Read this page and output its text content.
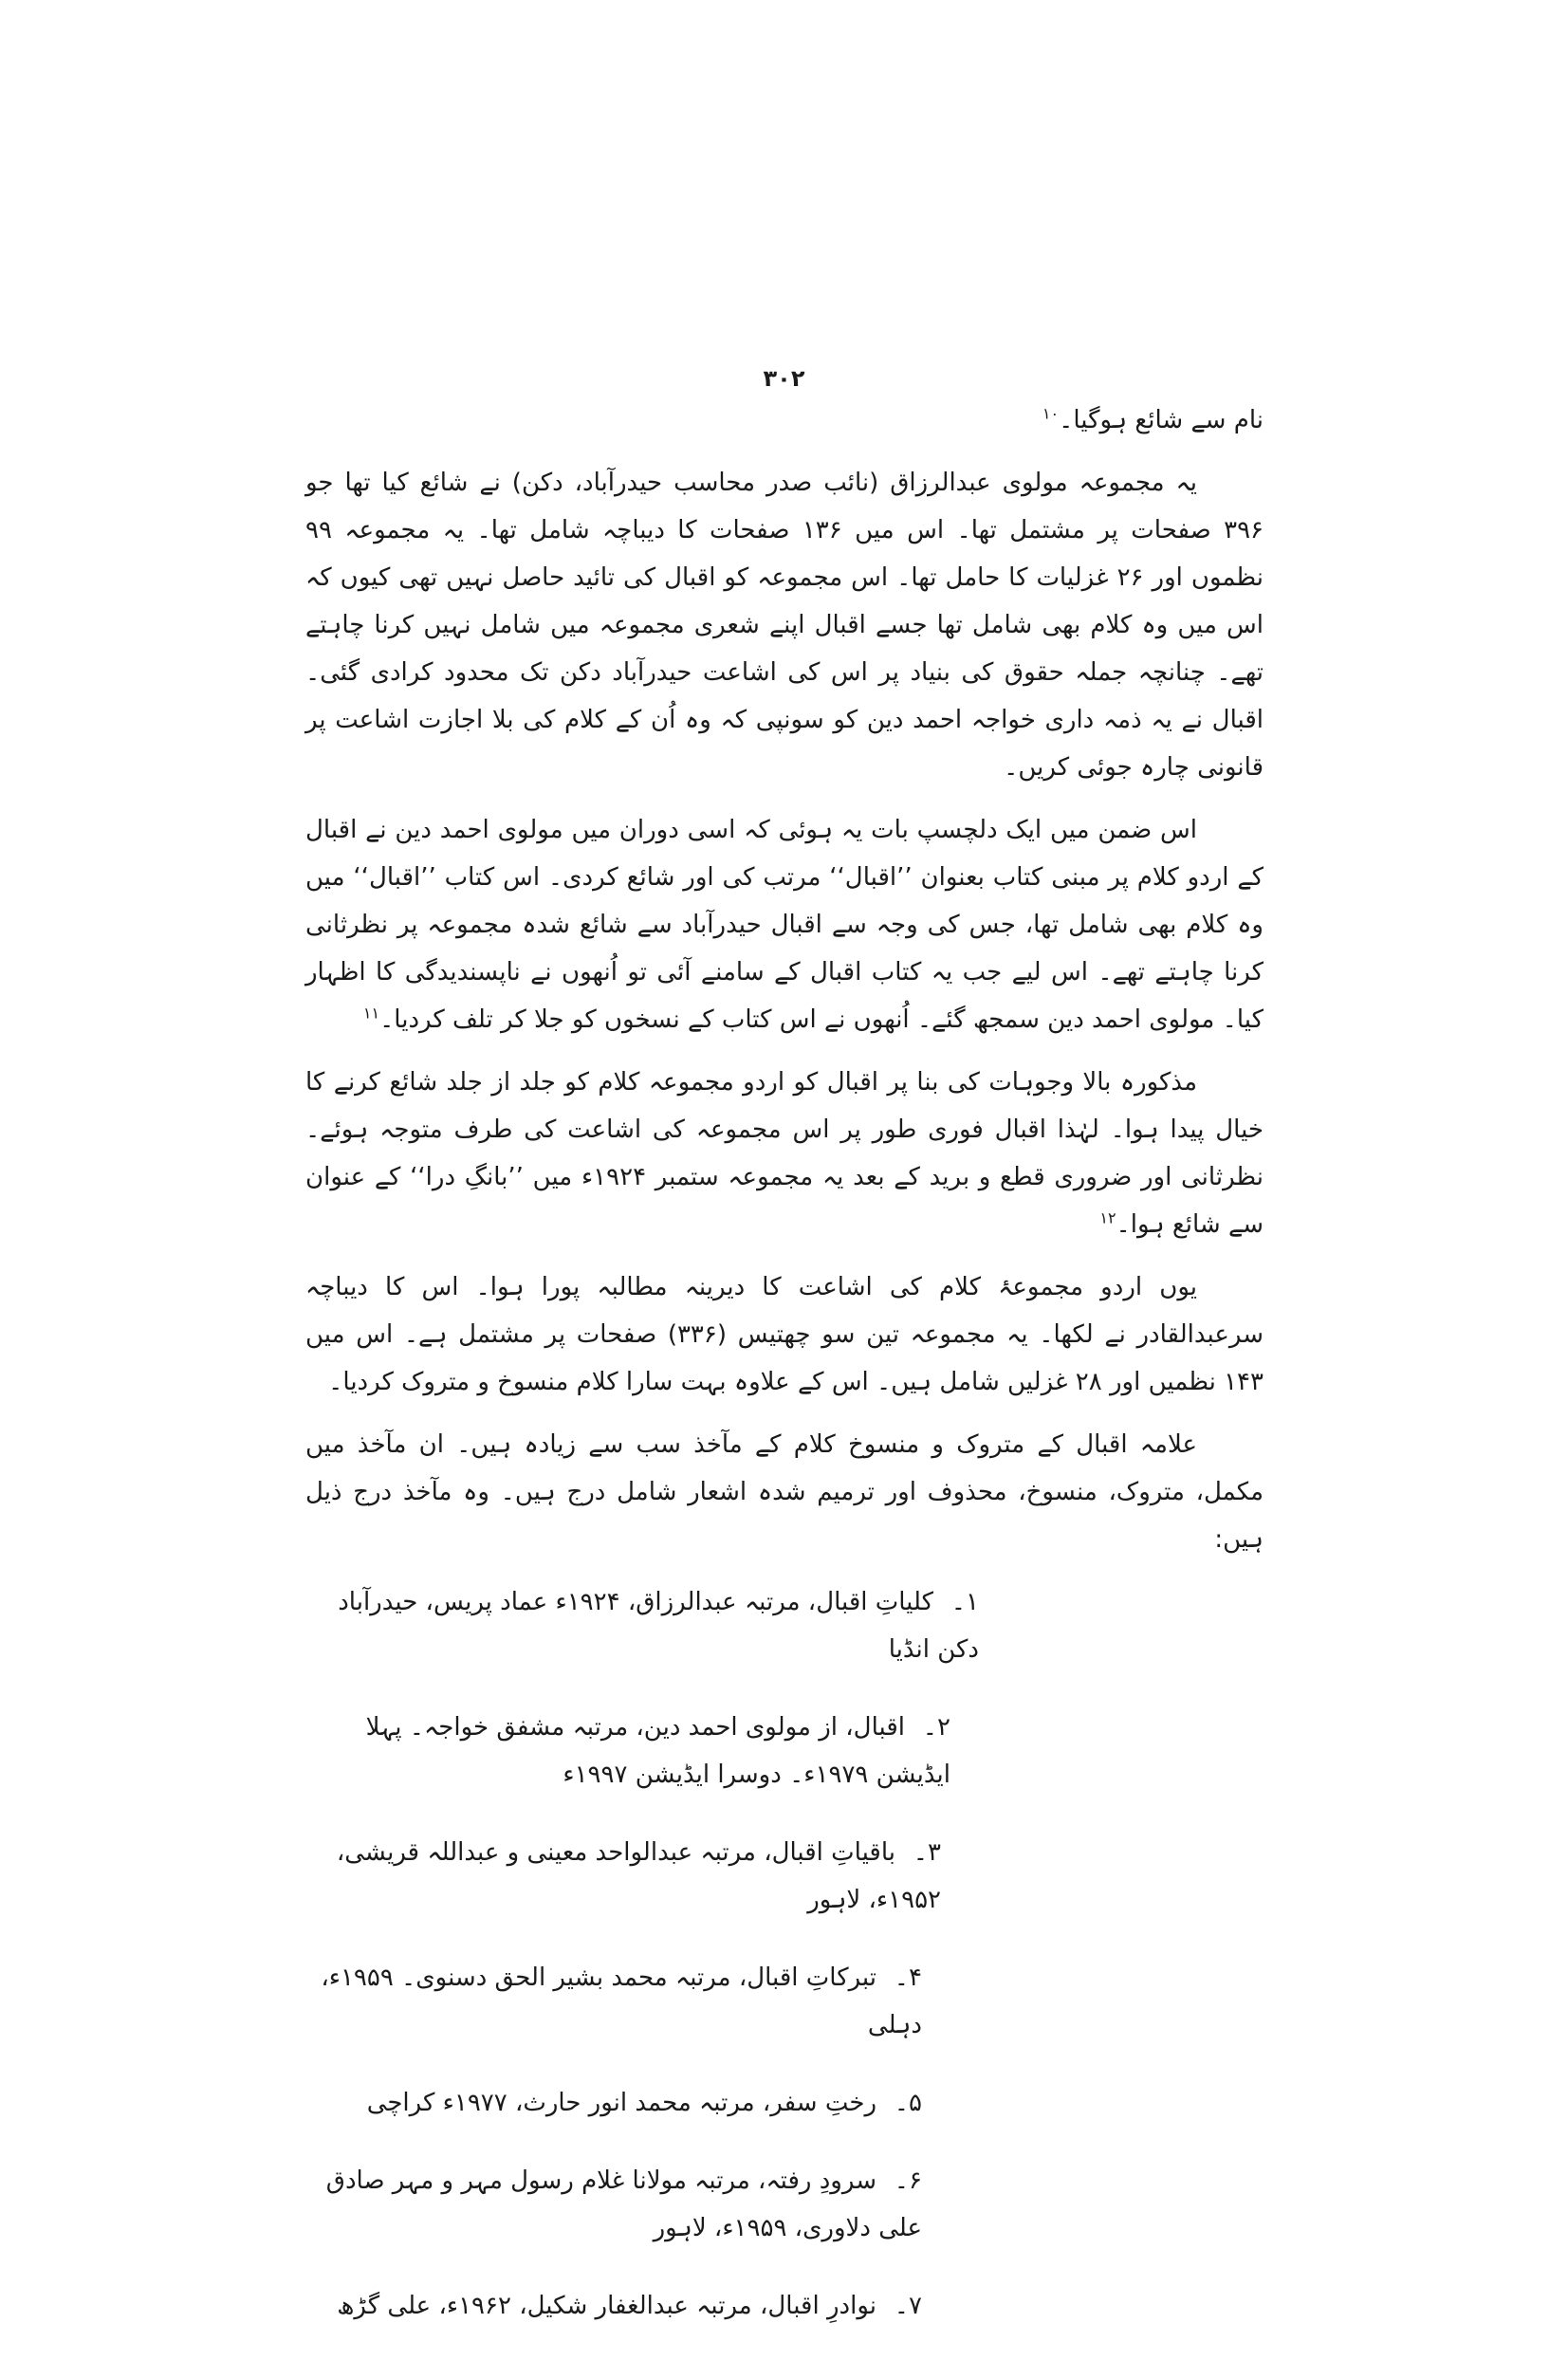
۳۰۲

نام سے شائع ہوگیا۔$^{۱۰}$

یہ مجموعہ مولوی عبدالرزاق (نائب صدر محاسب حیدرآباد، دکن) نے شائع کیا تھا جو ۳۹۶ صفحات پر مشتمل تھا۔ اس میں ۱۳۶ صفحات کا دیباچہ شامل تھا۔ یہ مجموعہ ۹۹ نظموں اور ۲۶ غزلیات کا حامل تھا۔ اس مجموعہ کو اقبال کی تائید حاصل نہیں تھی کیوں کہ اس میں وہ کلام بھی شامل تھا جسے اقبال اپنے شعری مجموعہ میں شامل نہیں کرنا چاہتے تھے۔ چنانچہ جملہ حقوق کی بنیاد پر اس کی اشاعت حیدرآباد دکن تک محدود کرادی گئی۔ اقبال نے یہ ذمہ داری خواجہ احمد دین کو سونپی کہ وہ اُن کے کلام کی بلا اجازت اشاعت پر قانونی چارہ جوئی کریں۔

اس ضمن میں ایک دلچسپ بات یہ ہوئی کہ اسی دوران میں مولوی احمد دین نے اقبال کے اردو کلام پر مبنی کتاب بعنوان ’’اقبال‘‘ مرتب کی اور شائع کردی۔ اس کتاب ’’اقبال‘‘ میں وہ کلام بھی شامل تھا، جس کی وجہ سے اقبال حیدرآباد سے شائع شدہ مجموعہ پر نظرثانی کرنا چاہتے تھے۔ اس لیے جب یہ کتاب اقبال کے سامنے آئی تو اُنھوں نے ناپسندیدگی کا اظہار کیا۔ مولوی احمد دین سمجھ گئے۔ اُنھوں نے اس کتاب کے نسخوں کو جلا کر تلف کردیا۔$^{۱۱}$

مذکورہ بالا وجوہات کی بنا پر اقبال کو اردو مجموعہ کلام کو جلد از جلد شائع کرنے کا خیال پیدا ہوا۔ لہٰذا اقبال فوری طور پر اس مجموعہ کی اشاعت کی طرف متوجہ ہوئے۔ نظرثانی اور ضروری قطع و برید کے بعد یہ مجموعہ ستمبر ۱۹۲۴ء میں ’’بانگِ درا‘‘ کے عنوان سے شائع ہوا۔$^{۱۲}$

یوں اردو مجموعۂ کلام کی اشاعت کا دیرینہ مطالبہ پورا ہوا۔ اس کا دیباچہ سرعبدالقادر نے لکھا۔ یہ مجموعہ تین سو چھتیس (۳۳۶) صفحات پر مشتمل ہے۔ اس میں ۱۴۳ نظمیں اور ۲۸ غزلیں شامل ہیں۔ اس کے علاوہ بہت سارا کلام منسوخ و متروک کردیا۔

علامہ اقبال کے متروک و منسوخ کلام کے مآخذ سب سے زیادہ ہیں۔ ان مآخذ میں مکمل، متروک، منسوخ، محذوف اور ترمیم شدہ اشعار شامل درج ہیں۔ وہ مآخذ درج ذیل ہیں:

۱۔کلیاتِ اقبال، مرتبہ عبدالرزاق، ۱۹۲۴ء عماد پریس، حیدرآباد دکن انڈیا
۲۔اقبال، از مولوی احمد دین، مرتبہ مشفق خواجہ۔ پہلا ایڈیشن ۱۹۷۹ء۔ دوسرا ایڈیشن ۱۹۹۷ء
۳۔باقیاتِ اقبال، مرتبہ عبدالواحد معینی و عبداللہ قریشی، ۱۹۵۲ء، لاہور
۴۔تبرکاتِ اقبال، مرتبہ محمد بشیر الحق دسنوی۔ ۱۹۵۹ء، دہلی
۵۔رختِ سفر، مرتبہ محمد انور حارث، ۱۹۷۷ء کراچی
۶۔سرودِ رفتہ، مرتبہ مولانا غلام رسول مہر و مہر صادق علی دلاوری، ۱۹۵۹ء، لاہور
۷۔نوادرِ اقبال، مرتبہ عبدالغفار شکیل، ۱۹۶۲ء، علی گڑھ
